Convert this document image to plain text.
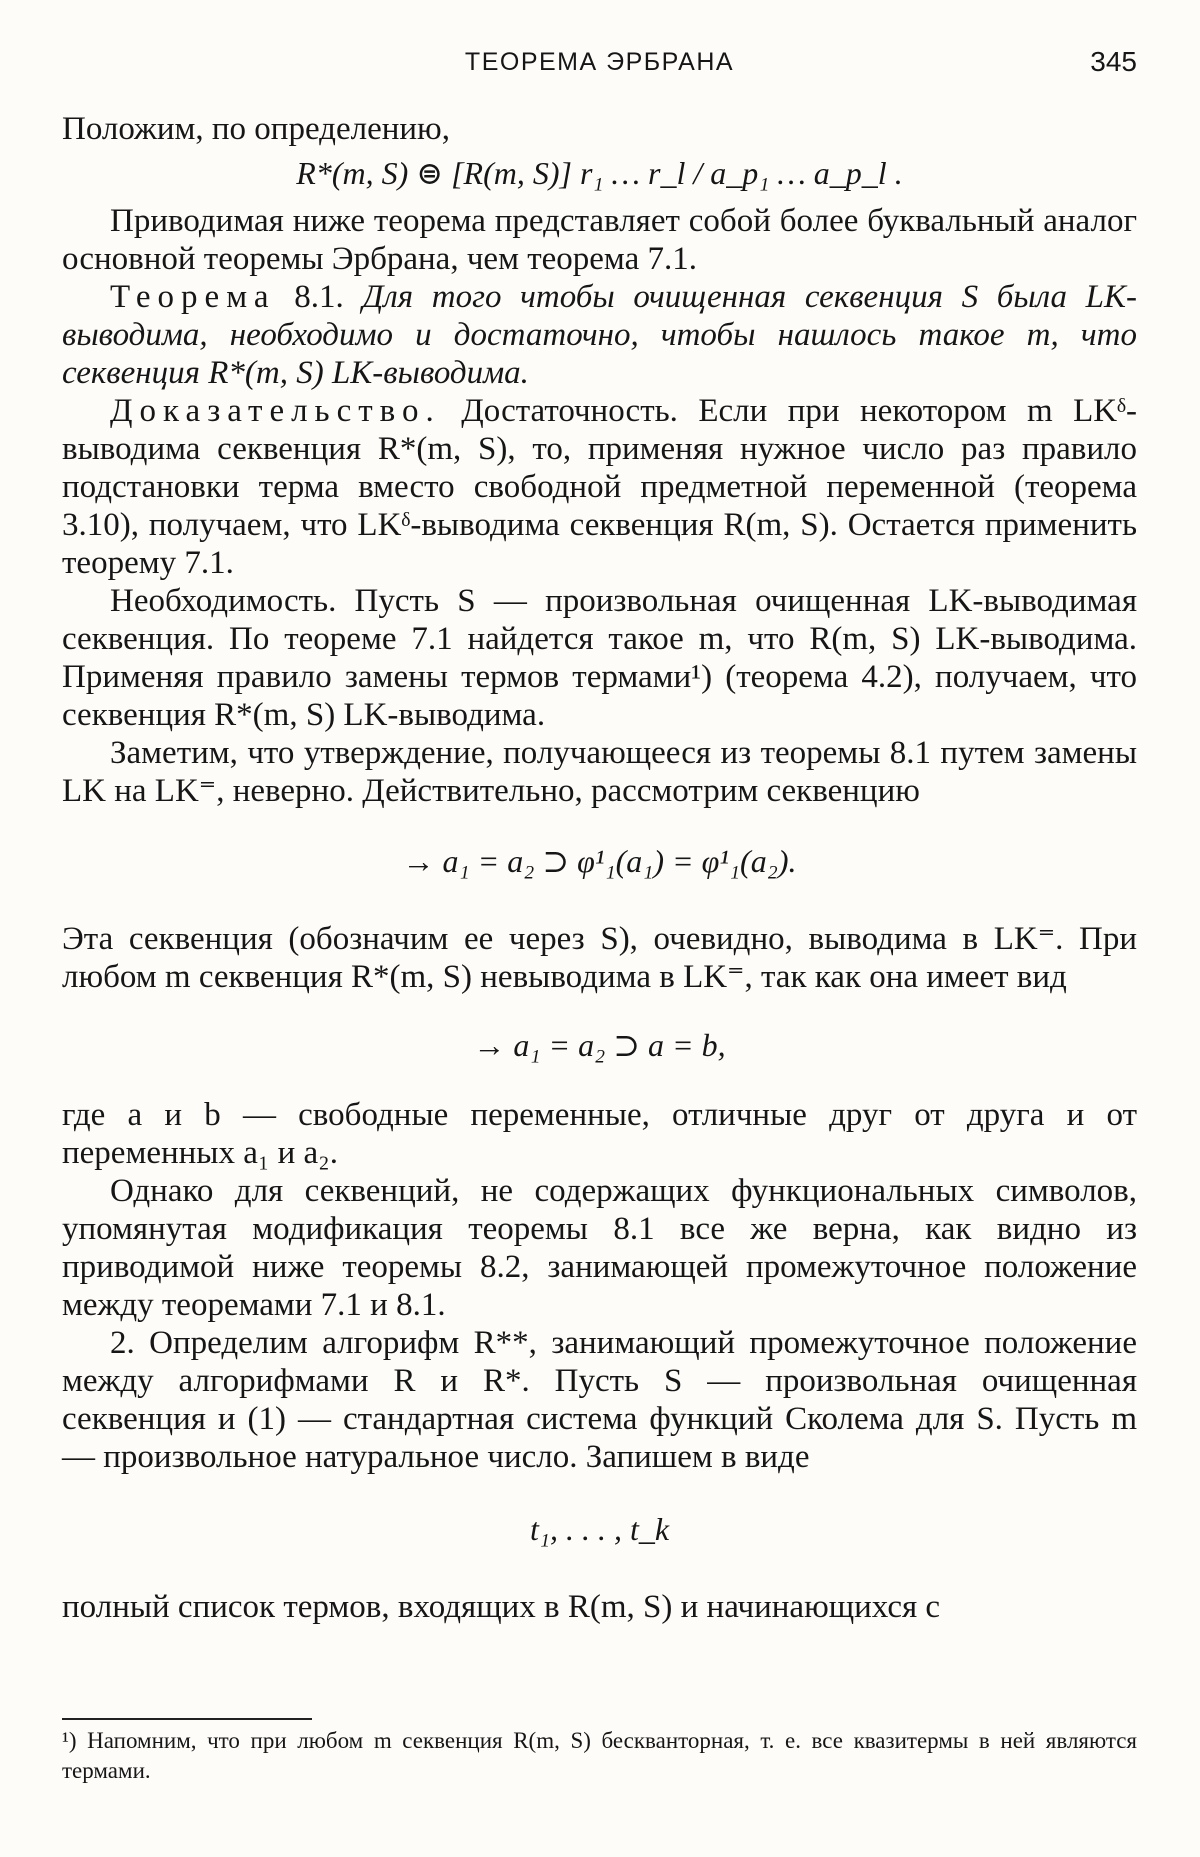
ТЕОРЕМА ЭРБРАНА	345

Положим, по определению,

R*(m, S) ⊜ [R(m, S)] r₁ … r_l / a_p₁ … a_p_l .

Приводимая ниже теорема представляет собой более буквальный аналог основной теоремы Эрбрана, чем теорема 7.1.

Теорема 8.1. Для того чтобы очищенная секвенция S была LK-выводима, необходимо и достаточно, чтобы нашлось такое m, что секвенция R*(m, S) LK-выводима.

Доказательство. Достаточность. Если при некотором m LKᵟ-выводима секвенция R*(m, S), то, применяя нужное число раз правило подстановки терма вместо свободной предметной переменной (теорема 3.10), получаем, что LKᵟ-выводима секвенция R(m, S). Остается применить теорему 7.1.

Необходимость. Пусть S — произвольная очищенная LK-выводимая секвенция. По теореме 7.1 найдется такое m, что R(m, S) LK-выводима. Применяя правило замены термов термами¹) (теорема 4.2), получаем, что секвенция R*(m, S) LK-выводима.

Заметим, что утверждение, получающееся из теоремы 8.1 путем замены LK на LK⁼, неверно. Действительно, рассмотрим секвенцию

→ a₁ = a₂ ⊃ φ¹₁(a₁) = φ¹₁(a₂).

Эта секвенция (обозначим ее через S), очевидно, выводима в LK⁼. При любом m секвенция R*(m, S) невыводима в LK⁼, так как она имеет вид

→ a₁ = a₂ ⊃ a = b,

где a и b — свободные переменные, отличные друг от друга и от переменных a₁ и a₂.

Однако для секвенций, не содержащих функциональных символов, упомянутая модификация теоремы 8.1 все же верна, как видно из приводимой ниже теоремы 8.2, занимающей промежуточное положение между теоремами 7.1 и 8.1.

2. Определим алгорифм R**, занимающий промежуточное положение между алгорифмами R и R*. Пусть S — произвольная очищенная секвенция и (1) — стандартная система функций Сколема для S. Пусть m — произвольное натуральное число. Запишем в виде

t₁, . . . , t_k

полный список термов, входящих в R(m, S) и начинающихся с

¹) Напомним, что при любом m секвенция R(m, S) бескванторная, т. е. все квазитермы в ней являются термами.
